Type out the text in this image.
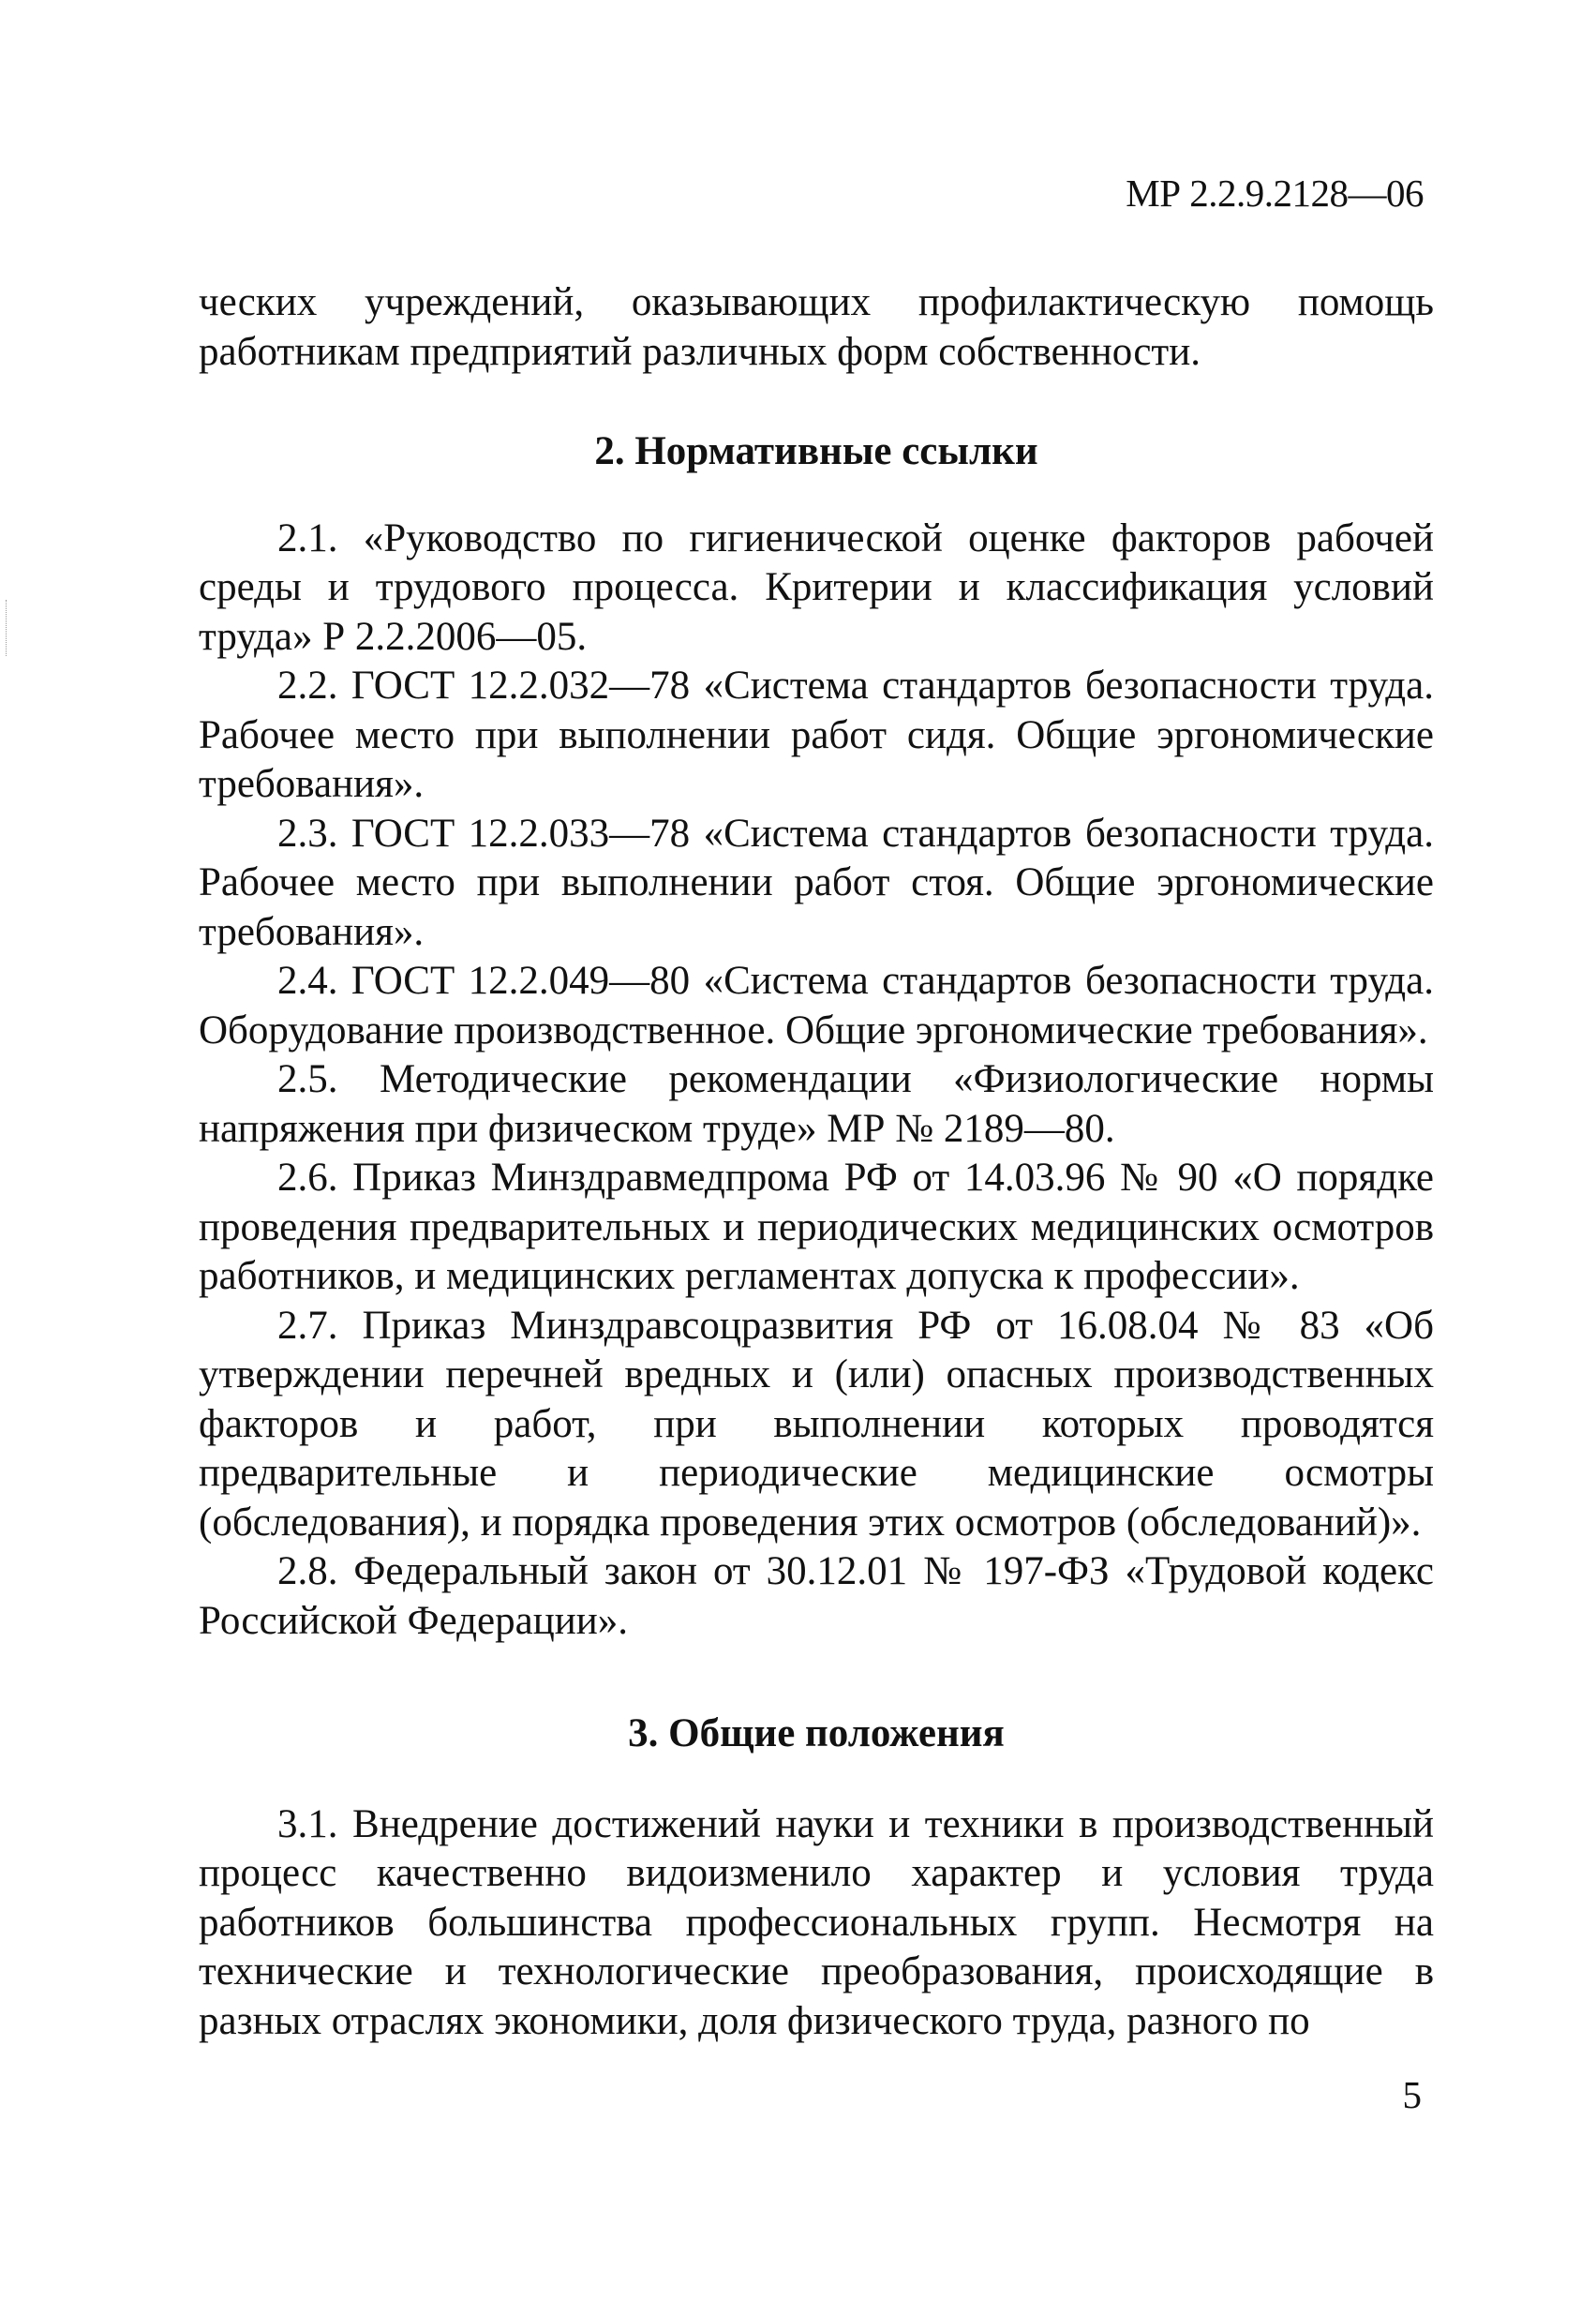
МР 2.2.9.2128—06

ческих учреждений, оказывающих профилактическую помощь работникам предприятий различных форм собственности.

2. Нормативные ссылки

2.1. «Руководство по гигиенической оценке факторов рабочей среды и трудового процесса. Критерии и классификация условий труда» Р 2.2.2006—05.

2.2. ГОСТ 12.2.032—78 «Система стандартов безопасности труда. Рабочее место при выполнении работ сидя. Общие эргономические требования».

2.3. ГОСТ 12.2.033—78 «Система стандартов безопасности труда. Рабочее место при выполнении работ стоя. Общие эргономические требования».

2.4. ГОСТ 12.2.049—80 «Система стандартов безопасности труда. Оборудование производственное. Общие эргономические требования».

2.5. Методические рекомендации «Физиологические нормы напряжения при физическом труде» МР № 2189—80.

2.6. Приказ Минздравмедпрома РФ от 14.03.96 № 90 «О порядке проведения предварительных и периодических медицинских осмотров работников, и медицинских регламентах допуска к профессии».

2.7. Приказ Минздравсоцразвития РФ от 16.08.04 № 83 «Об утверждении перечней вредных и (или) опасных производственных факторов и работ, при выполнении которых проводятся предварительные и периодические медицинские осмотры (обследования), и порядка проведения этих осмотров (обследований)».

2.8. Федеральный закон от 30.12.01 № 197-ФЗ «Трудовой кодекс Российской Федерации».

3. Общие положения

3.1. Внедрение достижений науки и техники в производственный процесс качественно видоизменило характер и условия труда работников большинства профессиональных групп. Несмотря на технические и технологические преобразования, происходящие в разных отраслях экономики, доля физического труда, разного по

5
